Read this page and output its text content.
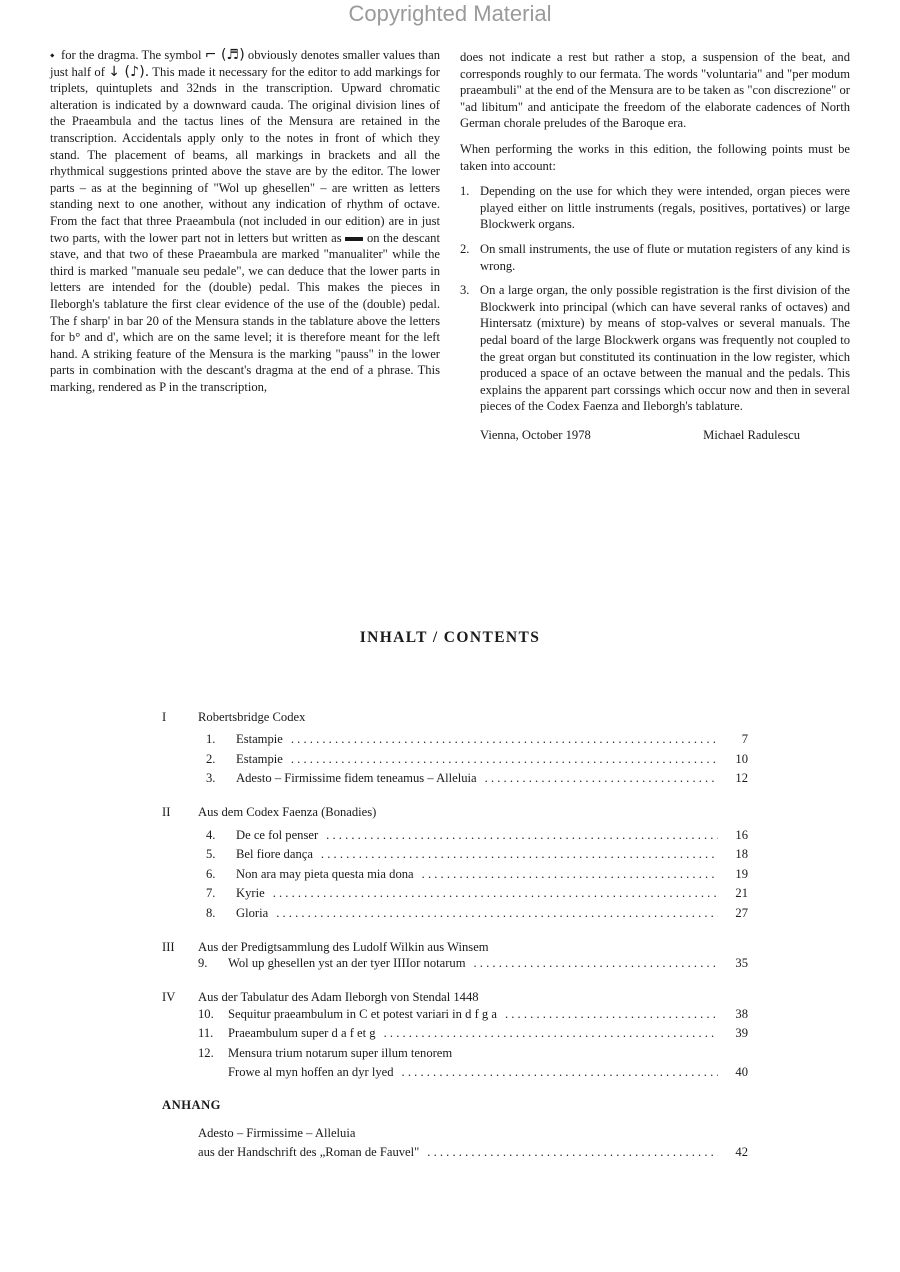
Copyrighted Material

⬩  for the dragma. The symbol ⌐ (♬) obviously denotes smaller values than just half of ↓ (♪). This made it necessary for the editor to add markings for triplets, quintuplets and 32nds in the transcription. Upward chromatic alteration is indicated by a downward cauda. The original division lines of the Praeambula and the tactus lines of the Mensura are retained in the transcription. Accidentals apply only to the notes in front of which they stand. The placement of beams, all markings in brackets and all the rhythmical suggestions printed above the stave are by the editor. The lower parts – as at the beginning of "Wol up ghesellen" – are written as letters standing next to one another, without any indication of rhythm of octave. From the fact that three Praeambula (not included in our edition) are in just two parts, with the lower part not in letters but written as on the descant stave, and that two of these Praeambula are marked "manualiter" while the third is marked "manuale seu pedale", we can deduce that the lower parts in letters are intended for the (double) pedal. This makes the pieces in Ileborgh's tablature the first clear evidence of the use of the (double) pedal. The f sharp' in bar 20 of the Mensura stands in the tablature above the letters for b° and d', which are on the same level; it is therefore meant for the left hand. A striking feature of the Mensura is the marking "pauss" in the lower parts in combination with the descant's dragma at the end of a phrase. This marking, rendered as P in the transcription,

does not indicate a rest but rather a stop, a suspension of the beat, and corresponds roughly to our fermata. The words "voluntaria" and "per modum praeambuli" at the end of the Mensura are to be taken as "con discrezione" or "ad libitum" and anticipate the freedom of the elaborate cadences of North German chorale preludes of the Baroque era.

When performing the works in this edition, the following points must be taken into account:

1. Depending on the use for which they were intended, organ pieces were played either on little instruments (regals, positives, portatives) or large Blockwerk organs.
2. On small instruments, the use of flute or mutation registers of any kind is wrong.
3. On a large organ, the only possible registration is the first division of the Blockwerk into principal (which can have several ranks of octaves) and Hintersatz (mixture) by means of stop-valves or several manuals. The pedal board of the large Blockwerk organs was frequently not coupled to the great organ but constituted its continuation in the low register, which produced a space of an octave between the manual and the pedals. This explains the apparent part corssings which occur now and then in several pieces of the Codex Faenza and Ileborgh's tablature.
Vienna, October 1978	Michael Radulescu
INHALT / CONTENTS
I	Robertsbridge Codex
1.	Estampie . . .	7
2.	Estampie . . .	10
3.	Adesto – Firmissime fidem teneamus – Alleluia . . .	12
II	Aus dem Codex Faenza (Bonadies)
4.	De ce fol penser . . .	16
5.	Bel fiore dança . . .	18
6.	Non ara may pieta questa mia dona . . .	19
7.	Kyrie . . .	21
8.	Gloria . . .	27
III	Aus der Predigtsammlung des Ludolf Wilkin aus Winsem
9.	Wol up ghesellen yst an der tyer IIIIor notarum . . .	35
IV	Aus der Tabulatur des Adam Ileborgh von Stendal 1448
10.	Sequitur praeambulum in C et potest variari in d f g a . . .	38
11.	Praeambulum super d a f et g . . .	39
12.	Mensura trium notarum super illum tenorem
Frowe al myn hoffen an dyr lyed . . .	40
ANHANG
Adesto – Firmissime – Alleluia
aus der Handschrift des „Roman de Fauvel" . . .	42
